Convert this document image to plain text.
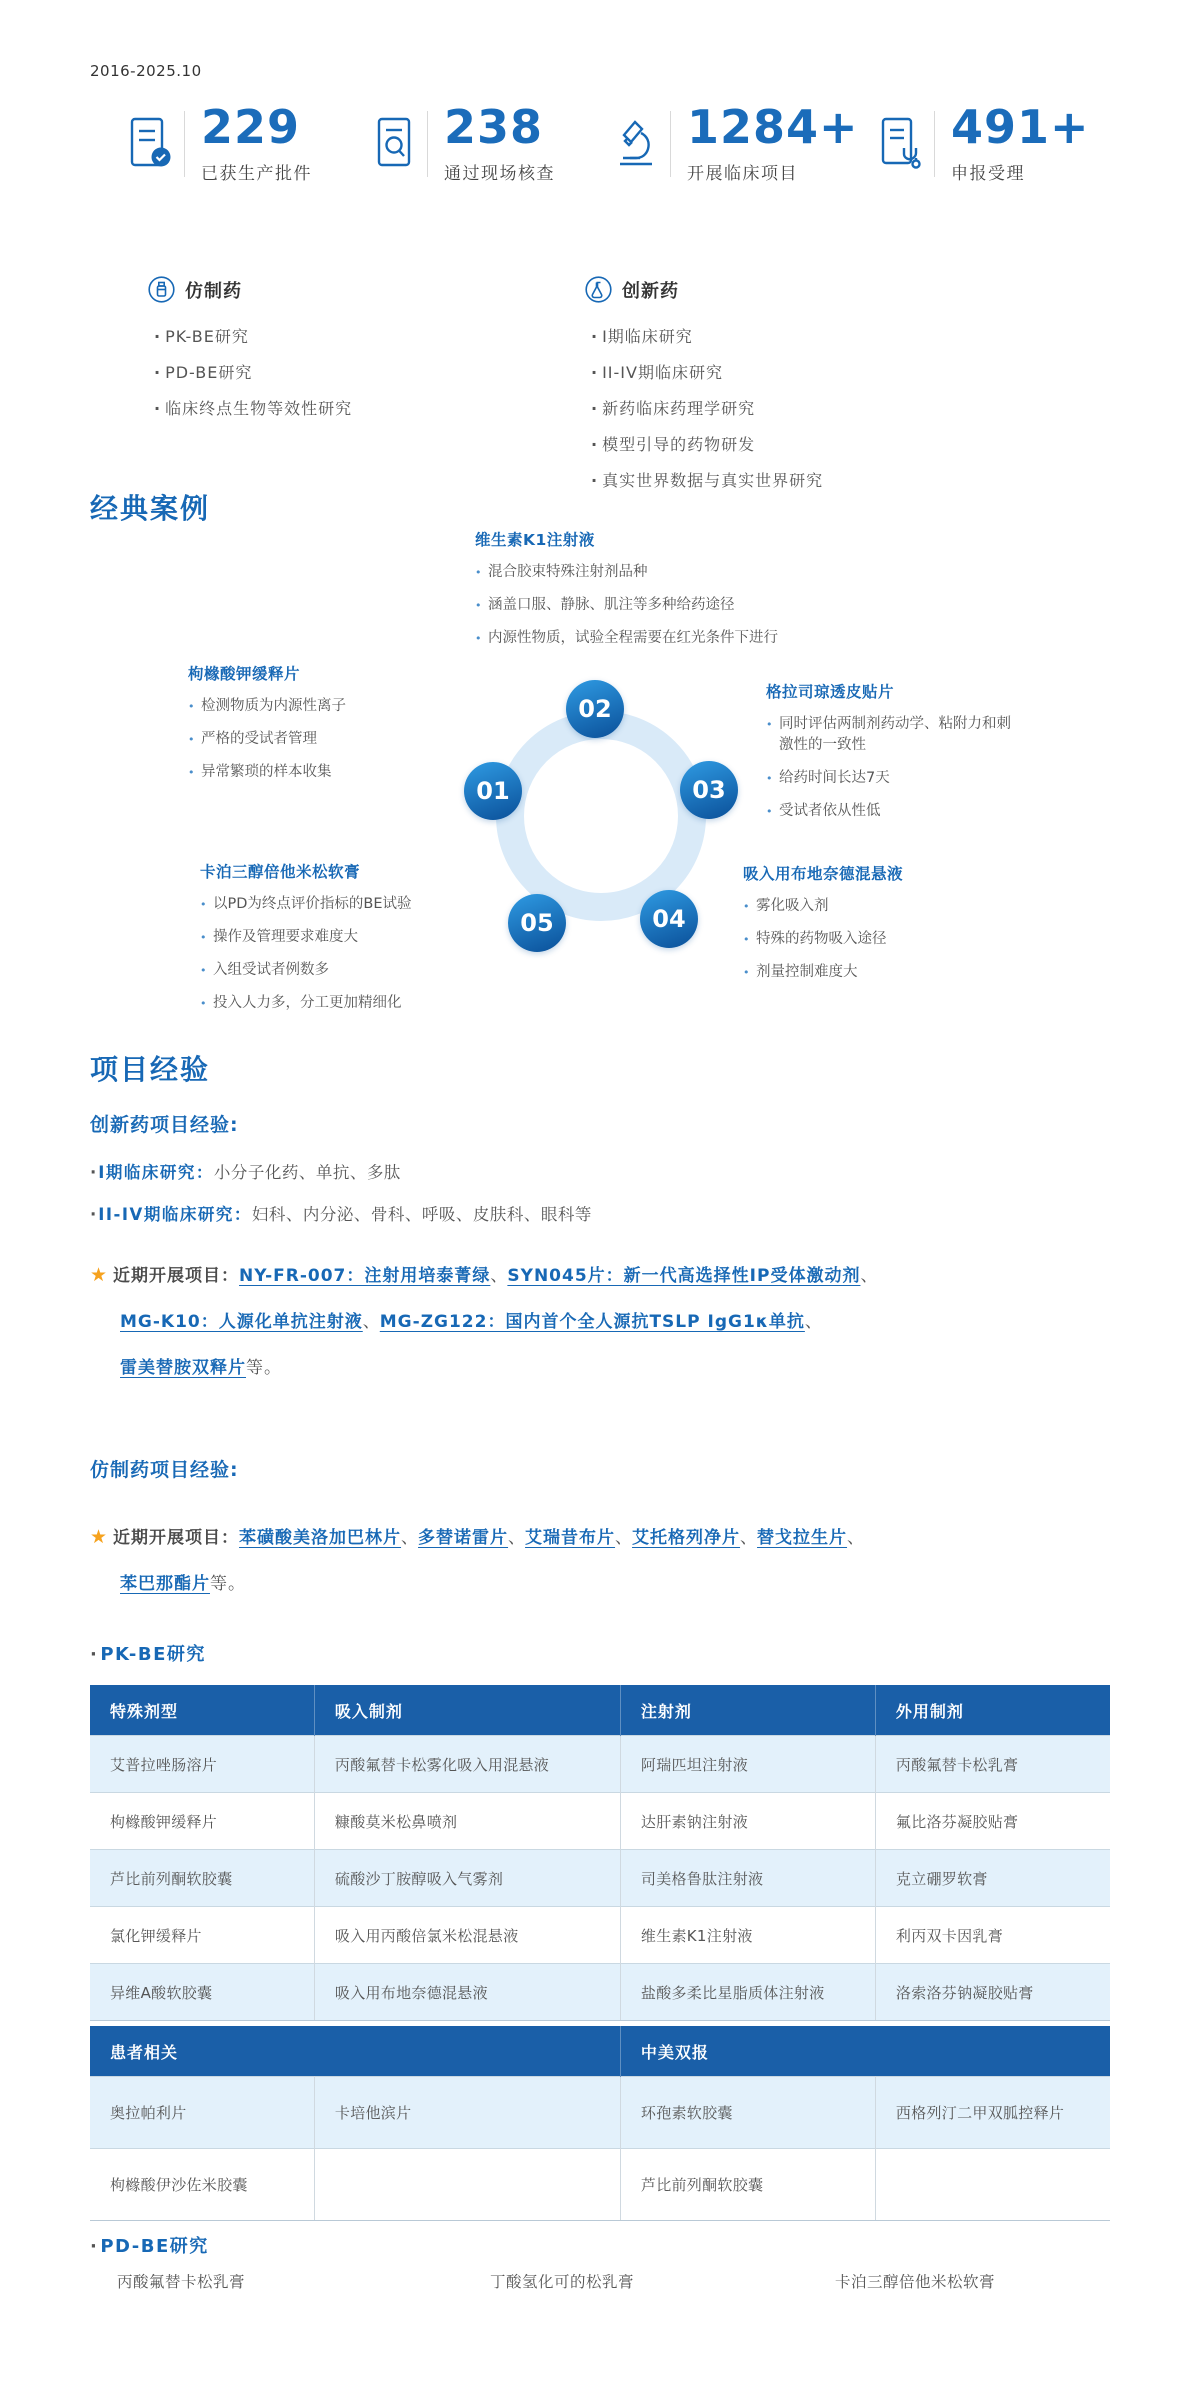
2016-2025.10
229
已获生产批件
238
通过现场核查
1284+
开展临床项目
491+
申报受理
仿制药
· PK-BE研究
· PD-BE研究
· 临床终点生物等效性研究
创新药
· I期临床研究
· II-IV期临床研究
· 新药临床药理学研究
· 模型引导的药物研发
· 真实世界数据与真实世界研究
经典案例
维生素K1注射液
• 混合胶束特殊注射剂品种
• 涵盖口服、静脉、肌注等多种给药途径
• 内源性物质，试验全程需要在红光条件下进行
02
枸橼酸钾缓释片
• 检测物质为内源性离子
• 严格的受试者管理
• 异常繁琐的样本收集
01
格拉司琼透皮贴片
• 同时评估两制剂药动学、粘附力和刺激性的一致性
• 给药时间长达7天
• 受试者依从性低
03
卡泊三醇倍他米松软膏
• 以PD为终点评价指标的BE试验
• 操作及管理要求难度大
• 入组受试者例数多
• 投入人力多，分工更加精细化
05
吸入用布地奈德混悬液
• 雾化吸入剂
• 特殊的药物吸入途径
• 剂量控制难度大
04
项目经验
创新药项目经验:
· I期临床研究：小分子化药、单抗、多肽
· II-IV期临床研究：妇科、内分泌、骨科、呼吸、皮肤科、眼科等
★ 近期开展项目：NY-FR-007：注射用培泰菁绿、SYN045片：新一代高选择性IP受体激动剂、
MG-K10：人源化单抗注射液、MG-ZG122：国内首个全人源抗TSLP IgG1κ单抗、
雷美替胺双释片等。
仿制药项目经验:
★ 近期开展项目：苯磺酸美洛加巴林片、多替诺雷片、艾瑞昔布片、艾托格列净片、替戈拉生片、
苯巴那酯片等。
· PK-BE研究
特殊剂型	吸入制剂	注射剂	外用制剂
艾普拉唑肠溶片	丙酸氟替卡松雾化吸入用混悬液	阿瑞匹坦注射液	丙酸氟替卡松乳膏
枸橼酸钾缓释片	糠酸莫米松鼻喷剂	达肝素钠注射液	氟比洛芬凝胶贴膏
芦比前列酮软胶囊	硫酸沙丁胺醇吸入气雾剂	司美格鲁肽注射液	克立硼罗软膏
氯化钾缓释片	吸入用丙酸倍氯米松混悬液	维生素K1注射液	利丙双卡因乳膏
异维A酸软胶囊	吸入用布地奈德混悬液	盐酸多柔比星脂质体注射液	洛索洛芬钠凝胶贴膏
患者相关		中美双报	
奥拉帕利片	卡培他滨片	环孢素软胶囊	西格列汀二甲双胍控释片
枸橼酸伊沙佐米胶囊		芦比前列酮软胶囊	
· PD-BE研究
丙酸氟替卡松乳膏	丁酸氢化可的松乳膏	卡泊三醇倍他米松软膏
